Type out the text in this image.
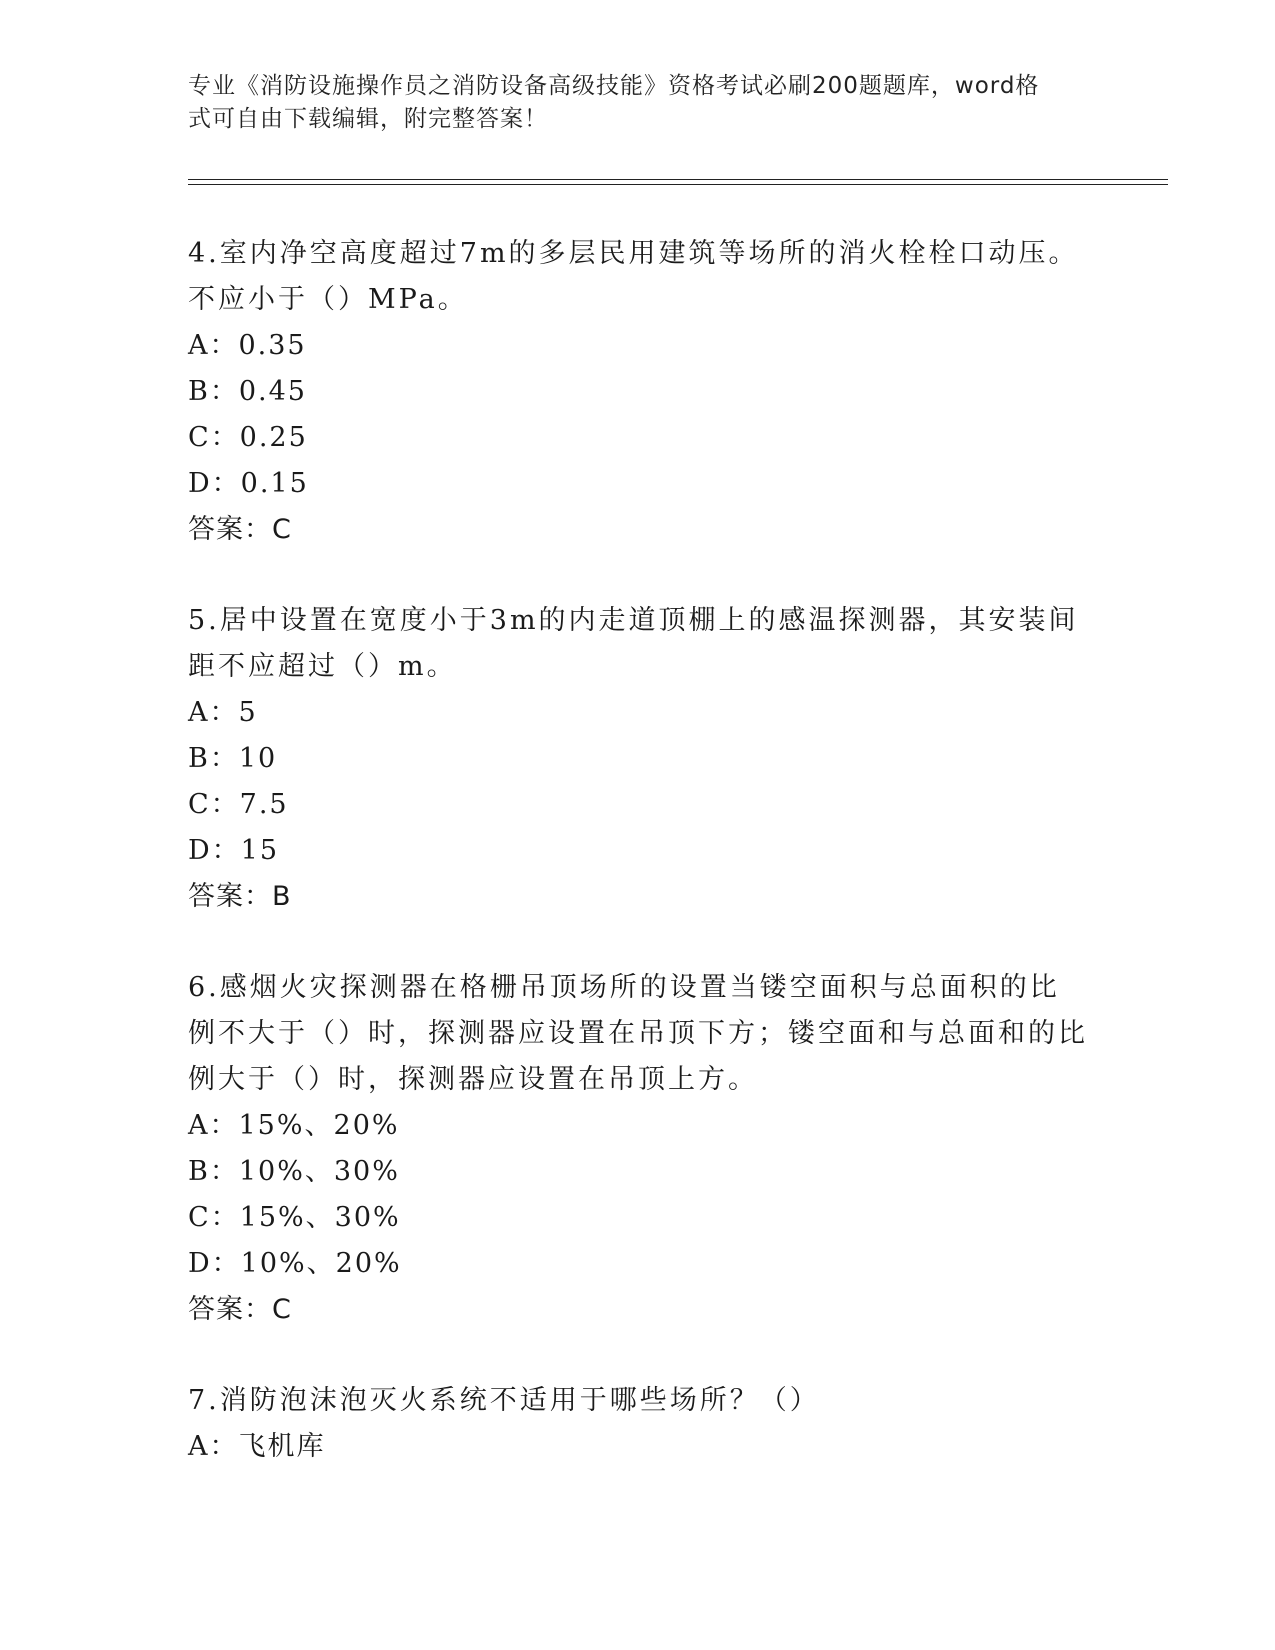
专业《消防设施操作员之消防设备高级技能》资格考试必刷200题题库，word格
式可自由下载编辑，附完整答案！

4.室内净空高度超过7m的多层民用建筑等场所的消火栓栓口动压。不应小于（）MPa。

A：0.35

B：0.45

C：0.25

D：0.15

答案：C

5.居中设置在宽度小于3m的内走道顶棚上的感温探测器，其安装间距不应超过（）m。

A：5

B：10

C：7.5

D：15

答案：B

6.感烟火灾探测器在格栅吊顶场所的设置当镂空面积与总面积的比例不大于（）时，探测器应设置在吊顶下方；镂空面和与总面和的比例大于（）时，探测器应设置在吊顶上方。

A：15%、20%

B：10%、30%

C：15%、30%

D：10%、20%

答案：C

7.消防泡沫泡灭火系统不适用于哪些场所？（）

A：飞机库
